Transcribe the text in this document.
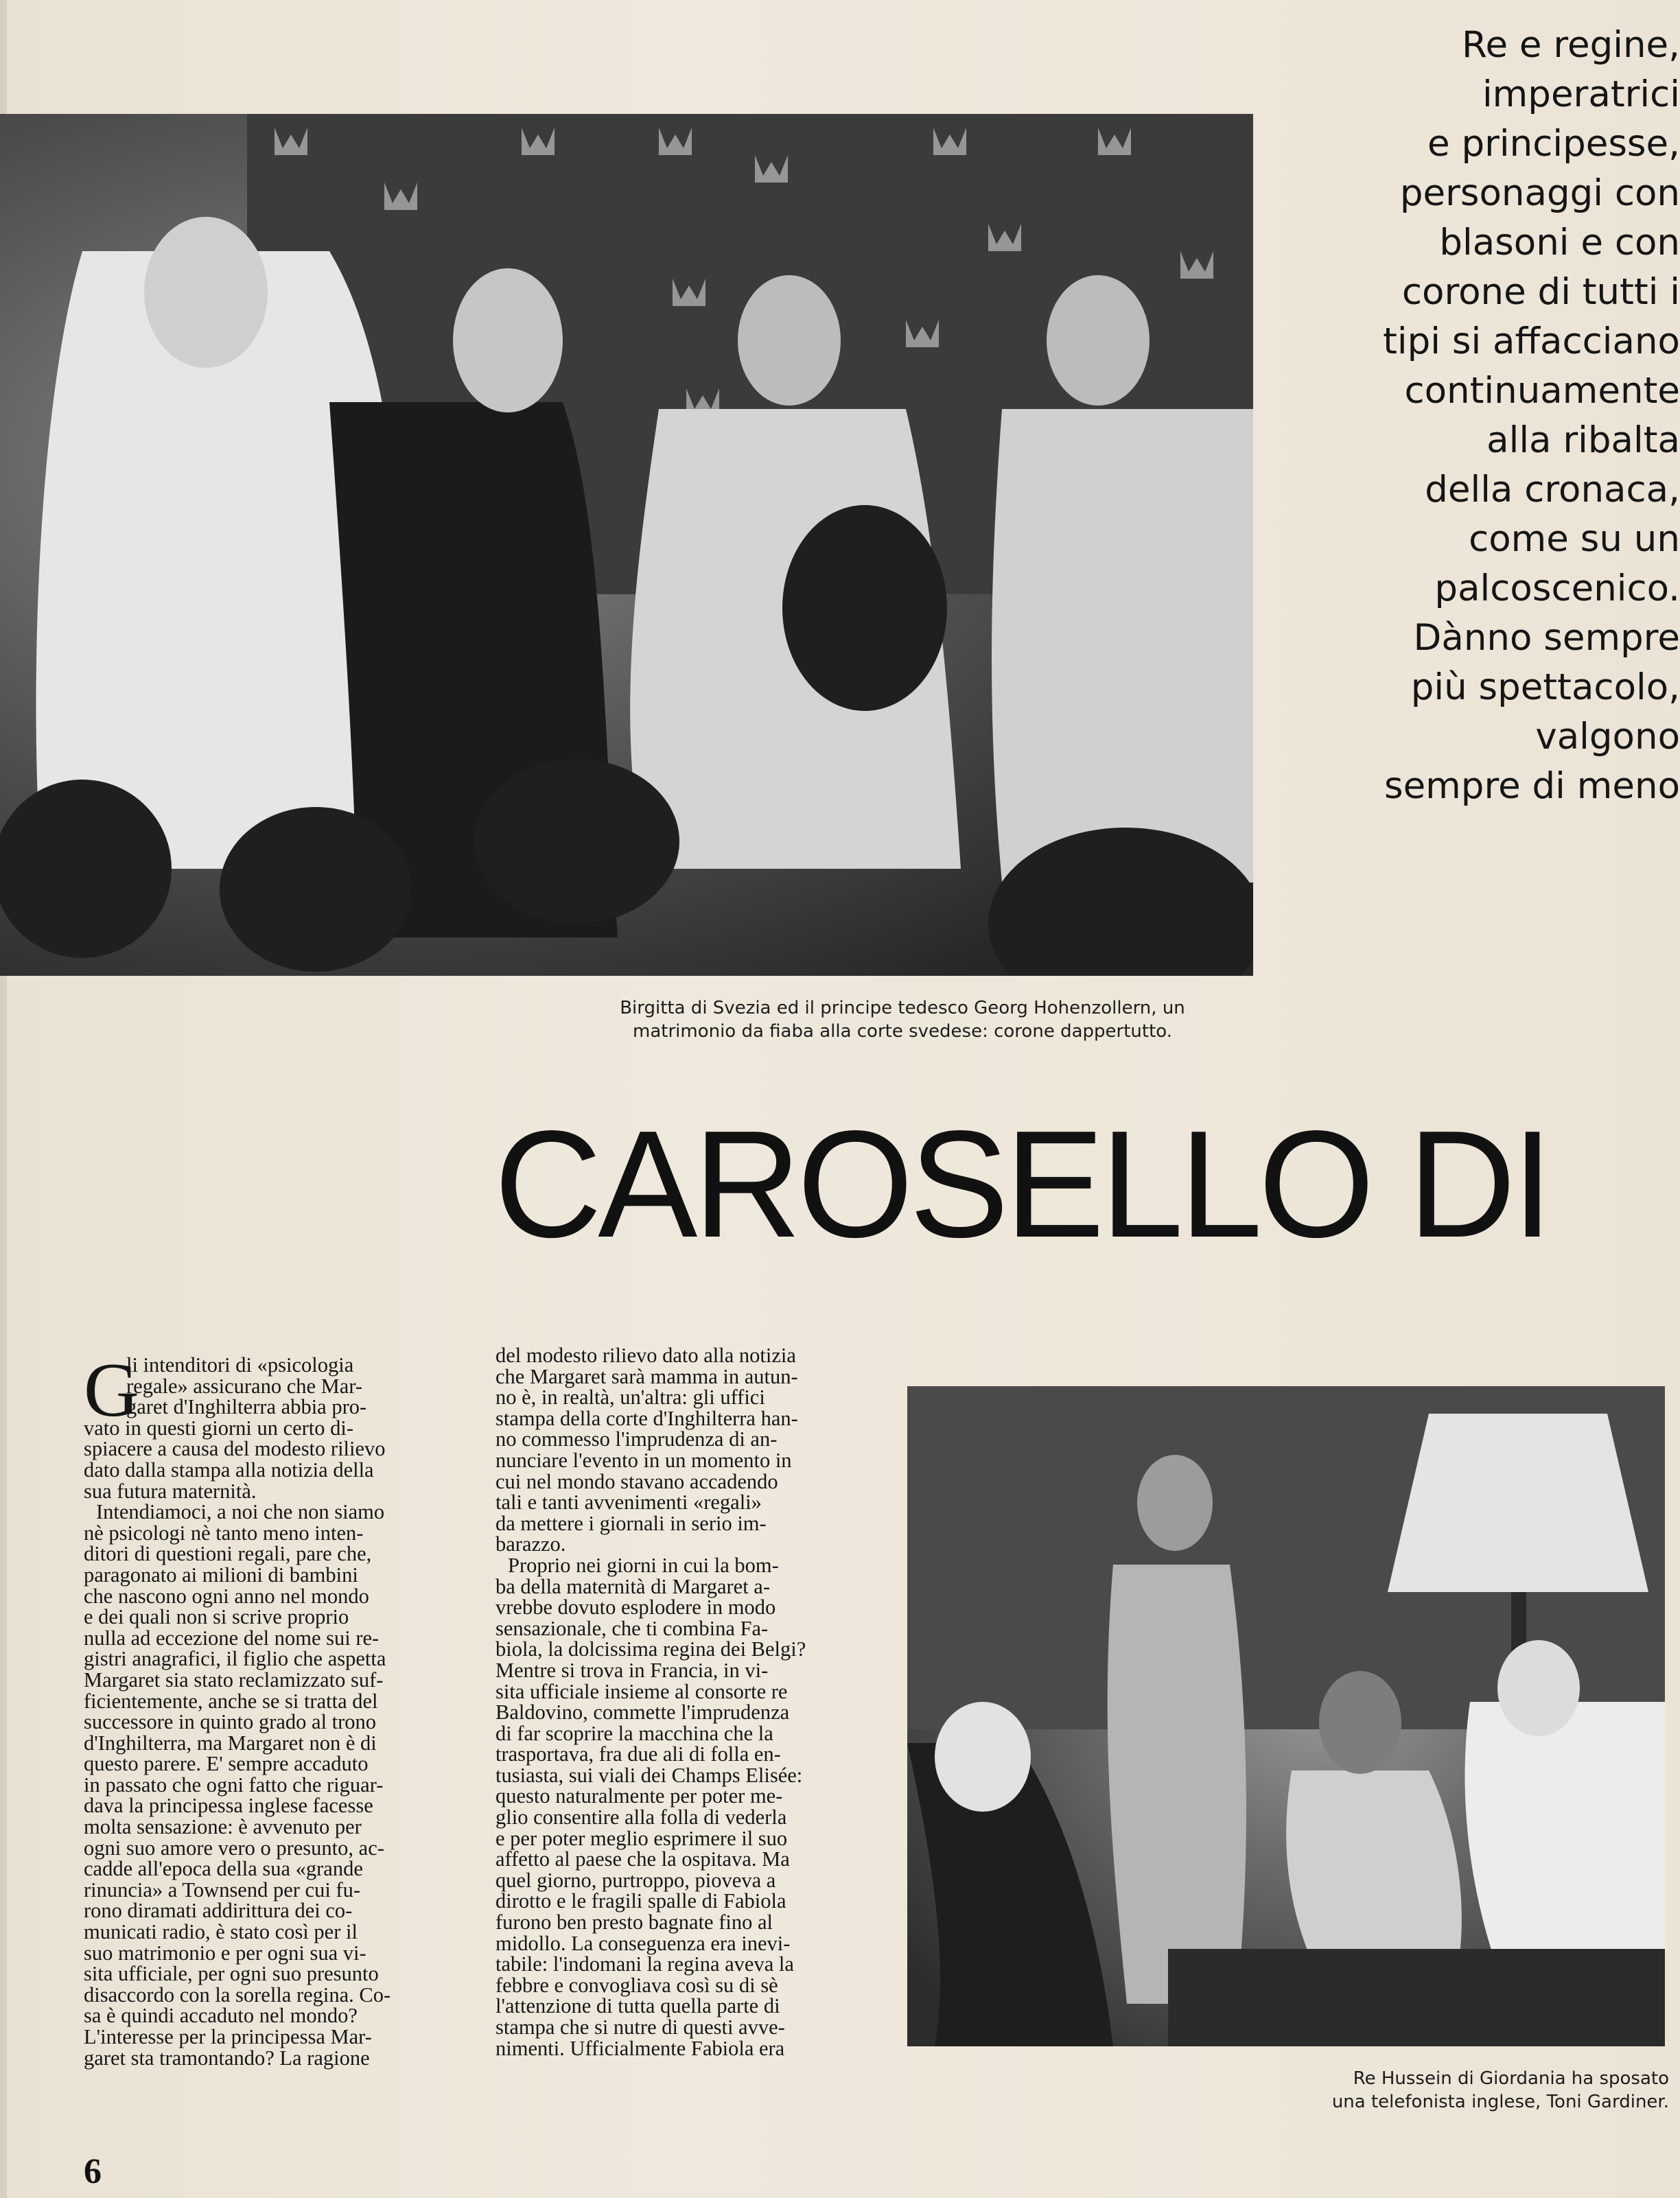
Re e regine,
imperatrici
e principesse,
personaggi con
blasoni e con
corone di tutti i
tipi si affacciano
continuamente
alla ribalta
della cronaca,
come su un
palcoscenico.
Dànno sempre
più spettacolo,
valgono
sempre di meno
Birgitta di Svezia ed il principe tedesco Georg Hohenzollern, un
matrimonio da fiaba alla corte svedese: corone dappertutto.
CAROSELLO DI
G
li intenditori di «psicologia
regale» assicurano che Mar-
garet d'Inghilterra abbia pro-
vato in questi giorni un certo di-
spiacere a causa del modesto rilievo
dato dalla stampa alla notizia della
sua futura maternità.
Intendiamoci, a noi che non siamo
nè psicologi nè tanto meno inten-
ditori di questioni regali, pare che,
paragonato ai milioni di bambini
che nascono ogni anno nel mondo
e dei quali non si scrive proprio
nulla ad eccezione del nome sui re-
gistri anagrafici, il figlio che aspetta
Margaret sia stato reclamizzato suf-
ficientemente, anche se si tratta del
successore in quinto grado al trono
d'Inghilterra, ma Margaret non è di
questo parere. E' sempre accaduto
in passato che ogni fatto che riguar-
dava la principessa inglese facesse
molta sensazione: è avvenuto per
ogni suo amore vero o presunto, ac-
cadde all'epoca della sua «grande
rinuncia» a Townsend per cui fu-
rono diramati addirittura dei co-
municati radio, è stato così per il
suo matrimonio e per ogni sua vi-
sita ufficiale, per ogni suo presunto
disaccordo con la sorella regina. Co-
sa è quindi accaduto nel mondo?
L'interesse per la principessa Mar-
garet sta tramontando? La ragione
del modesto rilievo dato alla notizia
che Margaret sarà mamma in autun-
no è, in realtà, un'altra: gli uffici
stampa della corte d'Inghilterra han-
no commesso l'imprudenza di an-
nunciare l'evento in un momento in
cui nel mondo stavano accadendo
tali e tanti avvenimenti «regali»
da mettere i giornali in serio im-
barazzo.
Proprio nei giorni in cui la bom-
ba della maternità di Margaret a-
vrebbe dovuto esplodere in modo
sensazionale, che ti combina Fa-
biola, la dolcissima regina dei Belgi?
Mentre si trova in Francia, in vi-
sita ufficiale insieme al consorte re
Baldovino, commette l'imprudenza
di far scoprire la macchina che la
trasportava, fra due ali di folla en-
tusiasta, sui viali dei Champs Elisée:
questo naturalmente per poter me-
glio consentire alla folla di vederla
e per poter meglio esprimere il suo
affetto al paese che la ospitava. Ma
quel giorno, purtroppo, pioveva a
dirotto e le fragili spalle di Fabiola
furono ben presto bagnate fino al
midollo. La conseguenza era inevi-
tabile: l'indomani la regina aveva la
febbre e convogliava così su di sè
l'attenzione di tutta quella parte di
stampa che si nutre di questi avve-
nimenti. Ufficialmente Fabiola era
Re Hussein di Giordania ha sposato
una telefonista inglese, Toni Gardiner.
6
